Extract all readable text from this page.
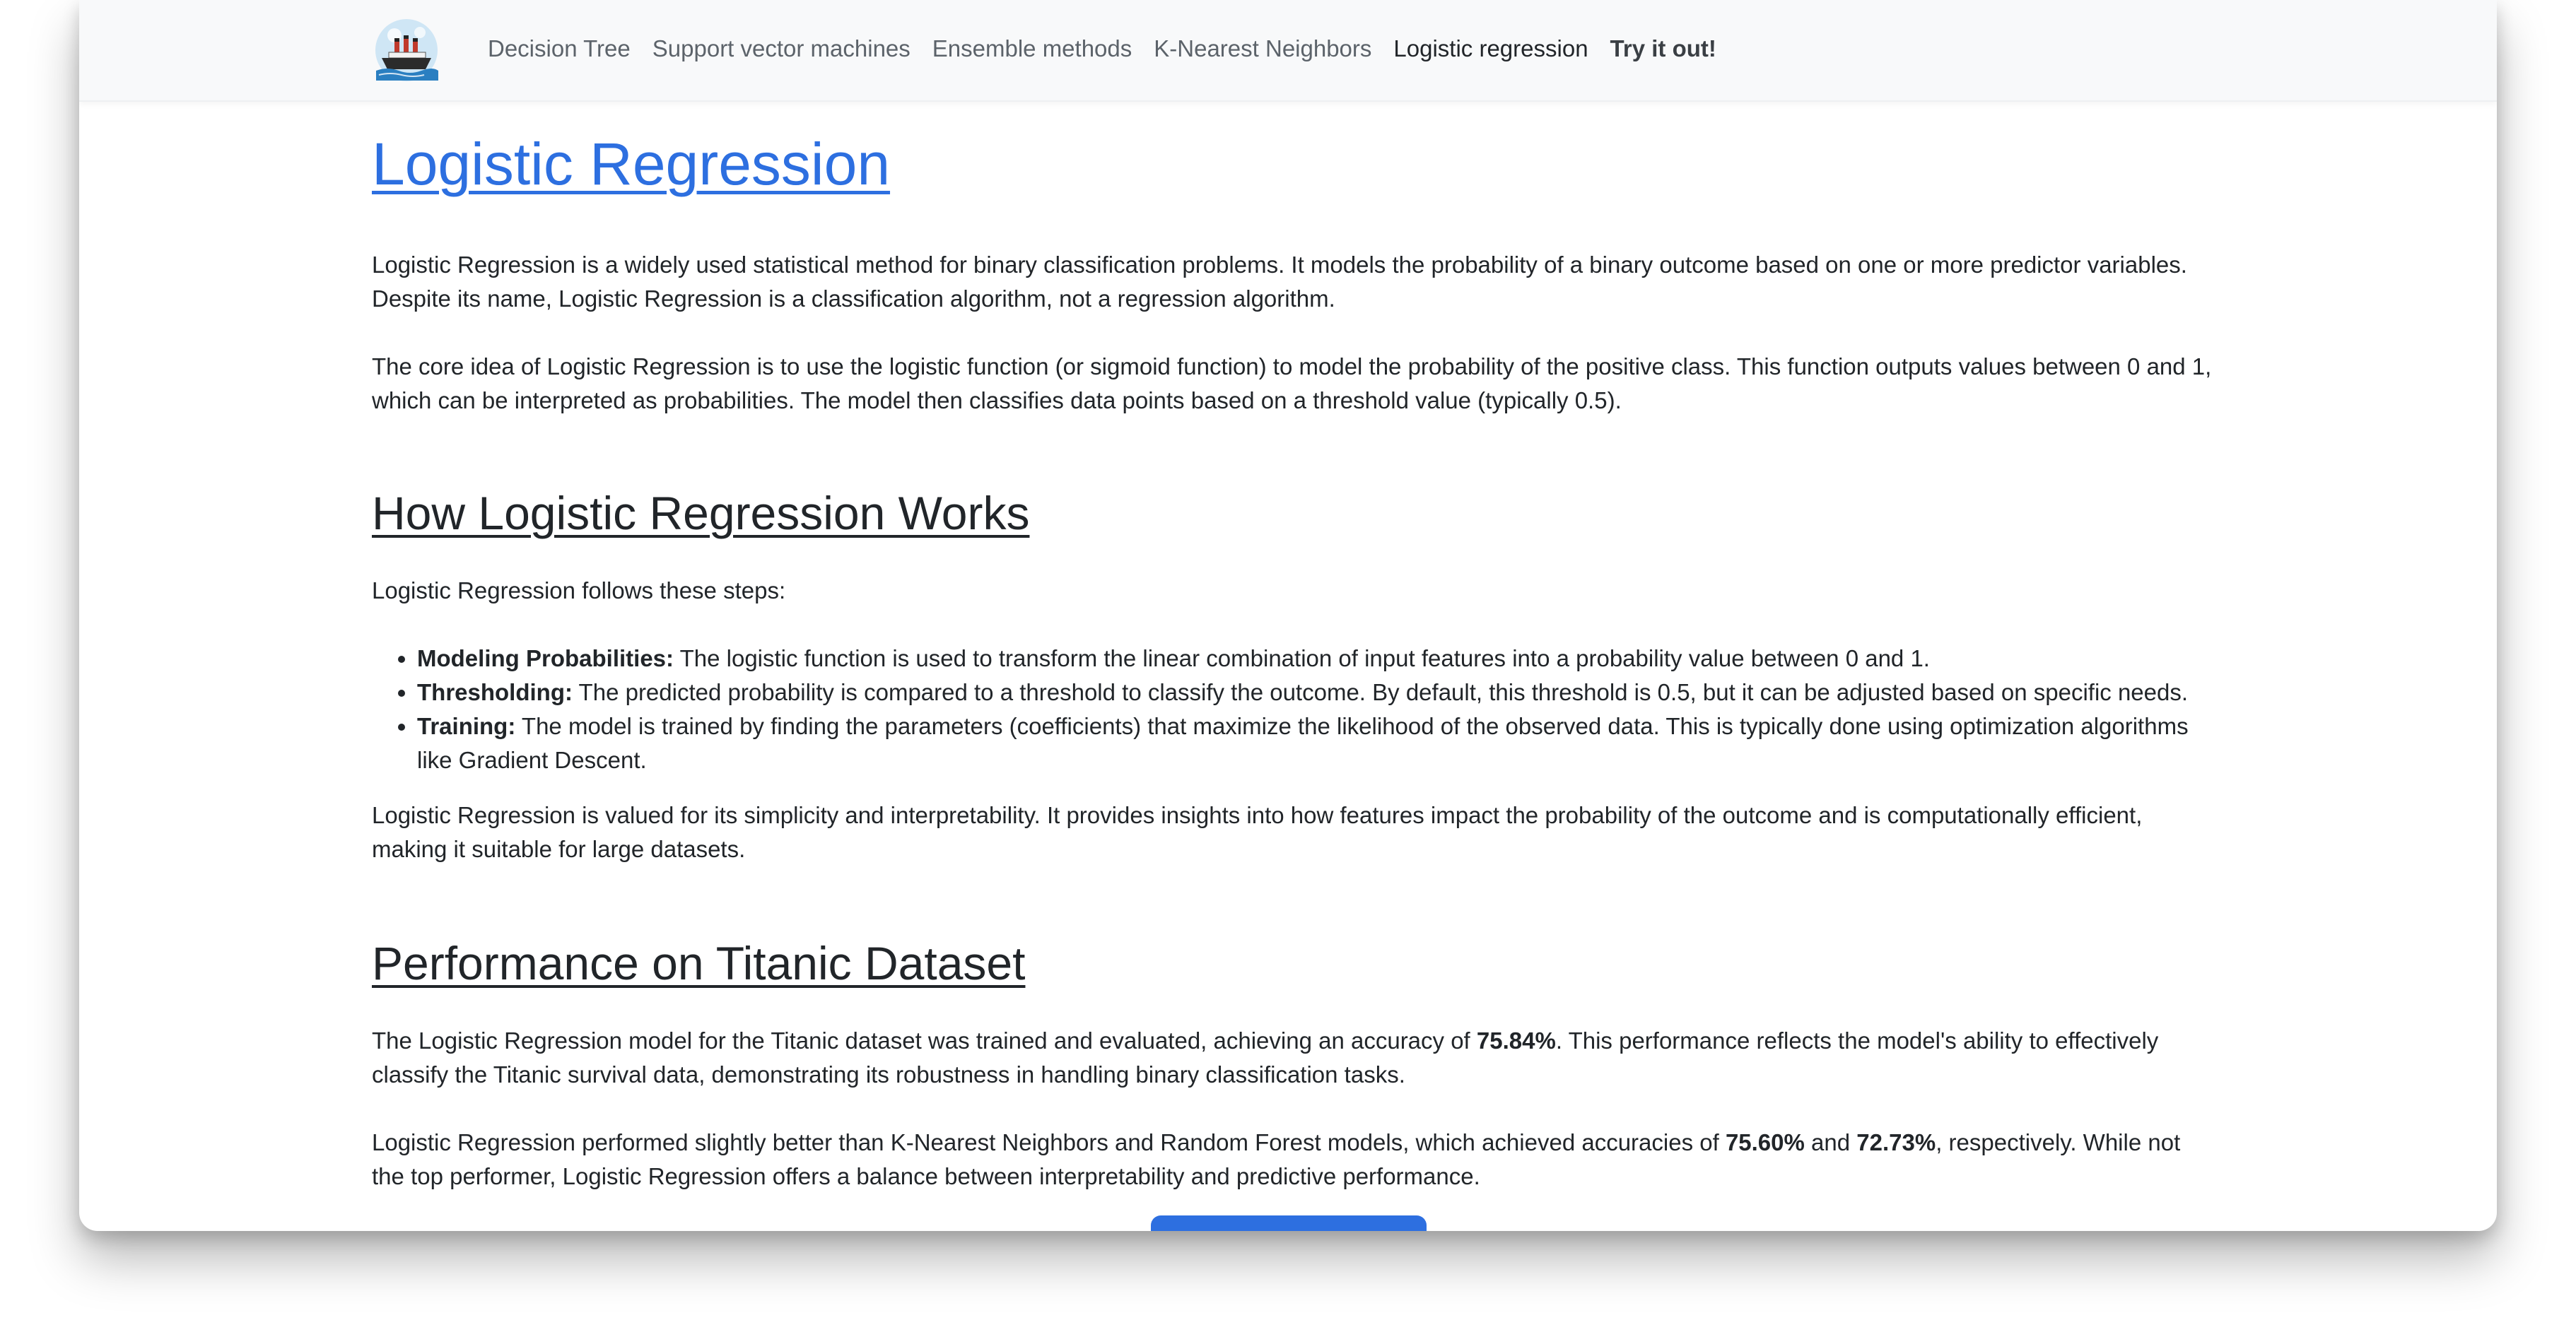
Decision Tree Support vector machines Ensemble methods K-Nearest Neighbors Logistic regression Try it out!
Logistic Regression

Logistic Regression is a widely used statistical method for binary classification problems. It models the probability of a binary outcome based on one or more predictor variables. Despite its name, Logistic Regression is a classification algorithm, not a regression algorithm.

The core idea of Logistic Regression is to use the logistic function (or sigmoid function) to model the probability of the positive class. This function outputs values between 0 and 1, which can be interpreted as probabilities. The model then classifies data points based on a threshold value (typically 0.5).

How Logistic Regression Works

Logistic Regression follows these steps:

• Modeling Probabilities: The logistic function is used to transform the linear combination of input features into a probability value between 0 and 1.
• Thresholding: The predicted probability is compared to a threshold to classify the outcome. By default, this threshold is 0.5, but it can be adjusted based on specific needs.
• Training: The model is trained by finding the parameters (coefficients) that maximize the likelihood of the observed data. This is typically done using optimization algorithms like Gradient Descent.

Logistic Regression is valued for its simplicity and interpretability. It provides insights into how features impact the probability of the outcome and is computationally efficient, making it suitable for large datasets.

Performance on Titanic Dataset

The Logistic Regression model for the Titanic dataset was trained and evaluated, achieving an accuracy of 75.84%. This performance reflects the model's ability to effectively classify the Titanic survival data, demonstrating its robustness in handling binary classification tasks.

Logistic Regression performed slightly better than K-Nearest Neighbors and Random Forest models, which achieved accuracies of 75.60% and 72.73%, respectively. While not the top performer, Logistic Regression offers a balance between interpretability and predictive performance.
